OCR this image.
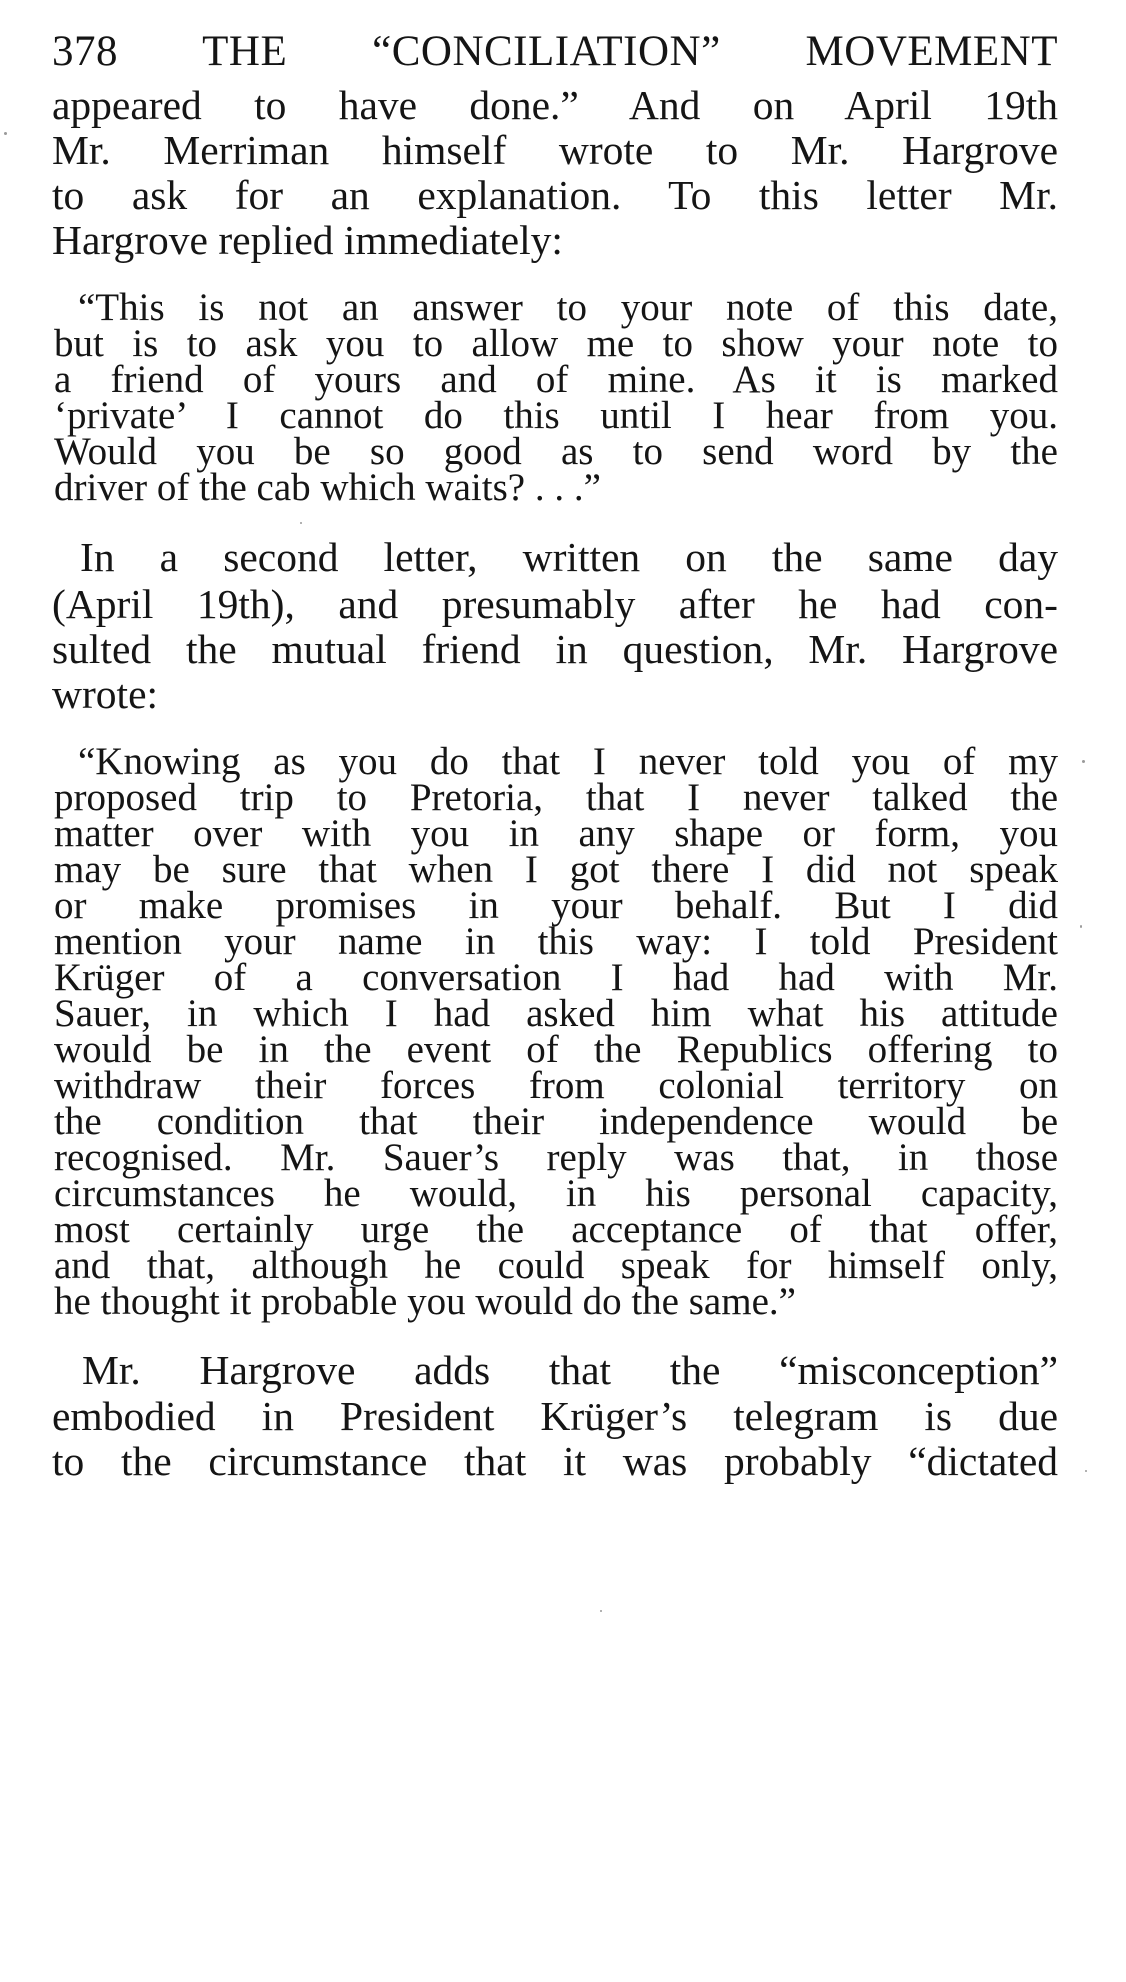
378 THE “CONCILIATION” MOVEMENT
appeared to have done.” And on April 19th
Mr. Merriman himself wrote to Mr. Hargrove
to ask for an explanation. To this letter Mr.
Hargrove replied immediately:
“This is not an answer to your note of this date,
but is to ask you to allow me to show your note to
a friend of yours and of mine. As it is marked
‘private’ I cannot do this until I hear from you.
Would you be so good as to send word by the
driver of the cab which waits? . . .”
In a second letter, written on the same day
(April 19th), and presumably after he had con-
sulted the mutual friend in question, Mr. Hargrove
wrote:
“Knowing as you do that I never told you of my
proposed trip to Pretoria, that I never talked the
matter over with you in any shape or form, you
may be sure that when I got there I did not speak
or make promises in your behalf. But I did
mention your name in this way: I told President
Krüger of a conversation I had had with Mr.
Sauer, in which I had asked him what his attitude
would be in the event of the Republics offering to
withdraw their forces from colonial territory on
the condition that their independence would be
recognised. Mr. Sauer’s reply was that, in those
circumstances he would, in his personal capacity,
most certainly urge the acceptance of that offer,
and that, although he could speak for himself only,
he thought it probable you would do the same.”
Mr. Hargrove adds that the “misconception”
embodied in President Krüger’s telegram is due
to the circumstance that it was probably “dictated
